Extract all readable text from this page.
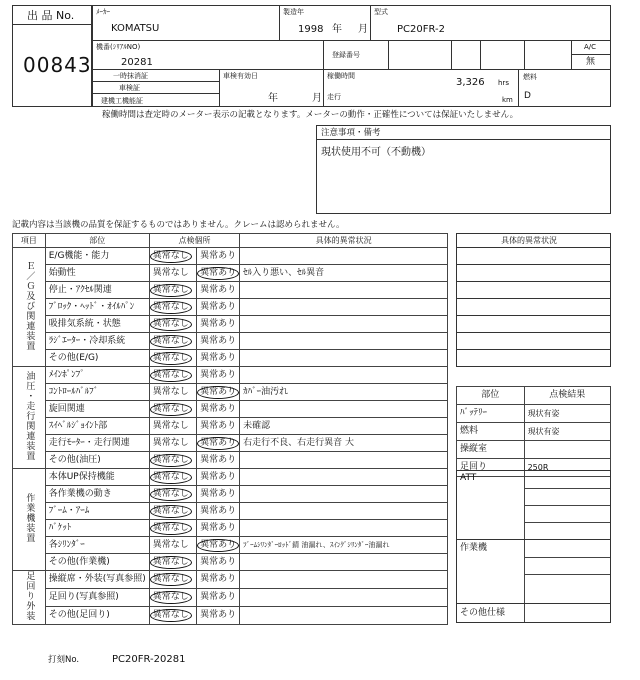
出 品 No.
00843
ﾒｰｶｰ
KOMATSU
製造年
1998 年 月
型式
PC20FR-2
機番(ｼﾘｱﾙNO)
20281
登録番号
A/C
無
一時抹消証
車検証
建機工機能証
車検有効日
年	月
稼働時間
3,326 hrs
走行	km
燃料
D
稼働時間は査定時のメーター表示の記載となります。メーターの動作・正確性については保証いたしません。
注意事項・備考
現状使用不可（不動機）
記載内容は当該機の品質を保証するものではありません。クレームは認められません。
項目	部位	点検個所		具体的異常状況
Ｅ／Ｇ及び関連装置	E/G機能・能力	異常なし	異常あり	
	始動性	異常なし	異常あり	ｾﾙ入り悪い、ｾﾙ異音
	停止・ｱｸｾﾙ関連	異常なし	異常あり	
	ﾌﾞﾛｯｸ・ﾍｯﾄﾞ・ｵｲﾙﾊﾟﾝ	異常なし	異常あり	
	吸排気系統・状態	異常なし	異常あり	
	ﾗｼﾞｴｰﾀｰ・冷却系統	異常なし	異常あり	
	その他(E/G)	異常なし	異常あり	
油圧・走行関連装置	ﾒｲﾝﾎﾟﾝﾌﾟ	異常なし	異常あり	
	ｺﾝﾄﾛｰﾙﾊﾞﾙﾌﾞ	異常なし	異常あり	ｶﾊﾞｰ油汚れ
	旋回関連	異常なし	異常あり	
	ｽｲﾍﾞﾙｼﾞｮｲﾝﾄ部	異常なし	異常あり	未確認
	走行ﾓｰﾀｰ・走行関連	異常なし	異常あり	右走行不良、右走行異音 大
	その他(油圧)	異常なし	異常あり	
作業機装置	本体UP保持機能	異常なし	異常あり	
	各作業機の動き	異常なし	異常あり	
	ﾌﾞｰﾑ・ｱｰﾑ	異常なし	異常あり	
	ﾊﾞｹｯﾄ	異常なし	異常あり	
	各ｼﾘﾝﾀﾞｰ	異常なし	異常あり	ﾌﾞｰﾑｼﾘﾝﾀﾞｰﾛｯﾄﾞ錆 油漏れ、ｽｲﾝｸﾞｼﾘﾝﾀﾞｰ油漏れ
	その他(作業機)	異常なし	異常あり	
足回り外装	操縦席・外装(写真参照)	異常なし	異常あり	
	足回り(写真参照)	異常なし	異常あり	
	その他(足回り)	異常なし	異常あり	
具体的異常状況
部位	点検結果
ﾊﾞｯﾃﾘｰ	現状有姿
燃料	現状有姿
操縦室	
足回り	250R
ATT
作業機
その他仕様
打刻No.	PC20FR-20281
